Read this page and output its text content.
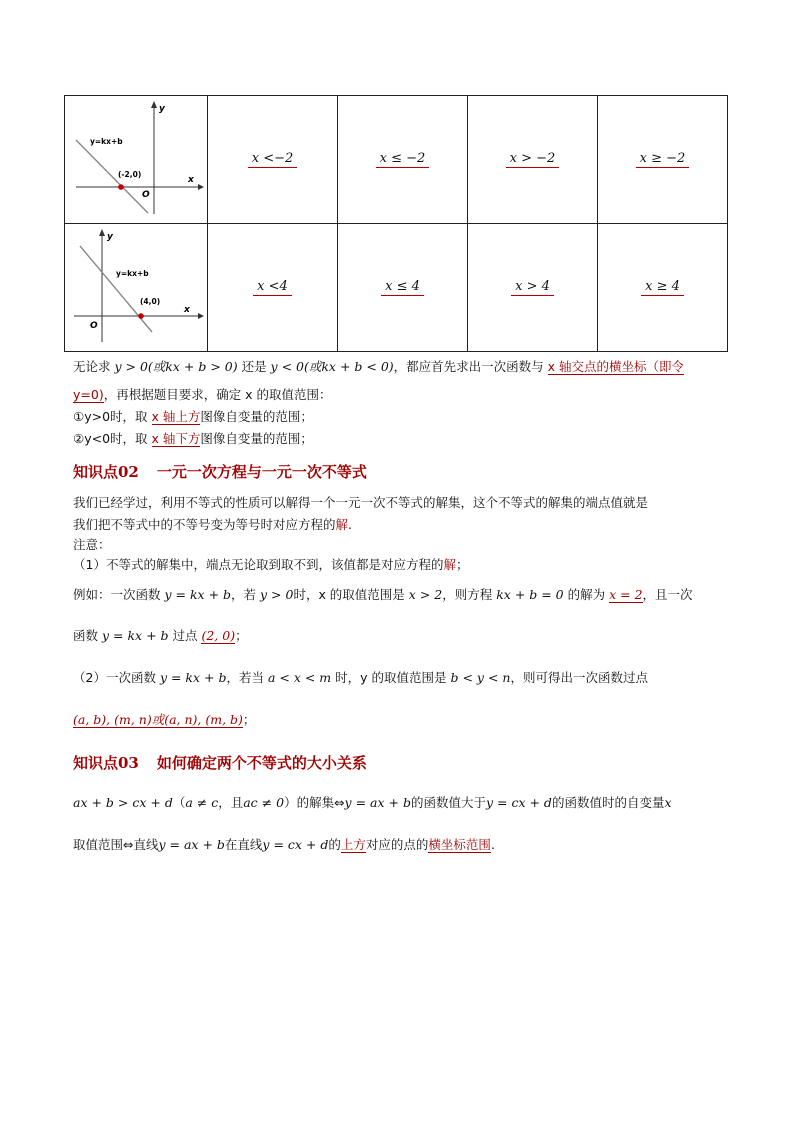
y
x
O
y=kx+b
(-2,0)	x <−2	x ≤ −2	x > −2	x ≥ −2

y
x
O
y=kx+b
(4,0)	x <4	x ≤ 4	x > 4	x ≥ 4
无论求 y > 0(或kx + b > 0) 还是 y < 0(或kx + b < 0)，都应首先求出一次函数与 x 轴交点的横坐标（即令
y=0)，再根据题目要求，确定 x 的取值范围：
①y>0时，取 x 轴上方图像自变量的范围；
②y<0时，取 x 轴下方图像自变量的范围；
知识点02 一元一次方程与一元一次不等式
我们已经学过，利用不等式的性质可以解得一个一元一次不等式的解集，这个不等式的解集的端点值就是
我们把不等式中的不等号变为等号时对应方程的解.
注意：
（1）不等式的解集中，端点无论取到取不到，该值都是对应方程的解；
例如：一次函数 y = kx + b，若 y > 0时，x 的取值范围是 x > 2，则方程 kx + b = 0 的解为 x = 2，且一次
函数 y = kx + b 过点 (2, 0)；
（2）一次函数 y = kx + b，若当 a < x < m 时，y 的取值范围是 b < y < n，则可得出一次函数过点
(a, b), (m, n)或(a, n), (m, b)；
知识点03 如何确定两个不等式的大小关系
ax + b > cx + d（a ≠ c，且ac ≠ 0）的解集⇔y = ax + b的函数值大于y = cx + d的函数值时的自变量x
取值范围⇔直线y = ax + b在直线y = cx + d的上方对应的点的横坐标范围.
